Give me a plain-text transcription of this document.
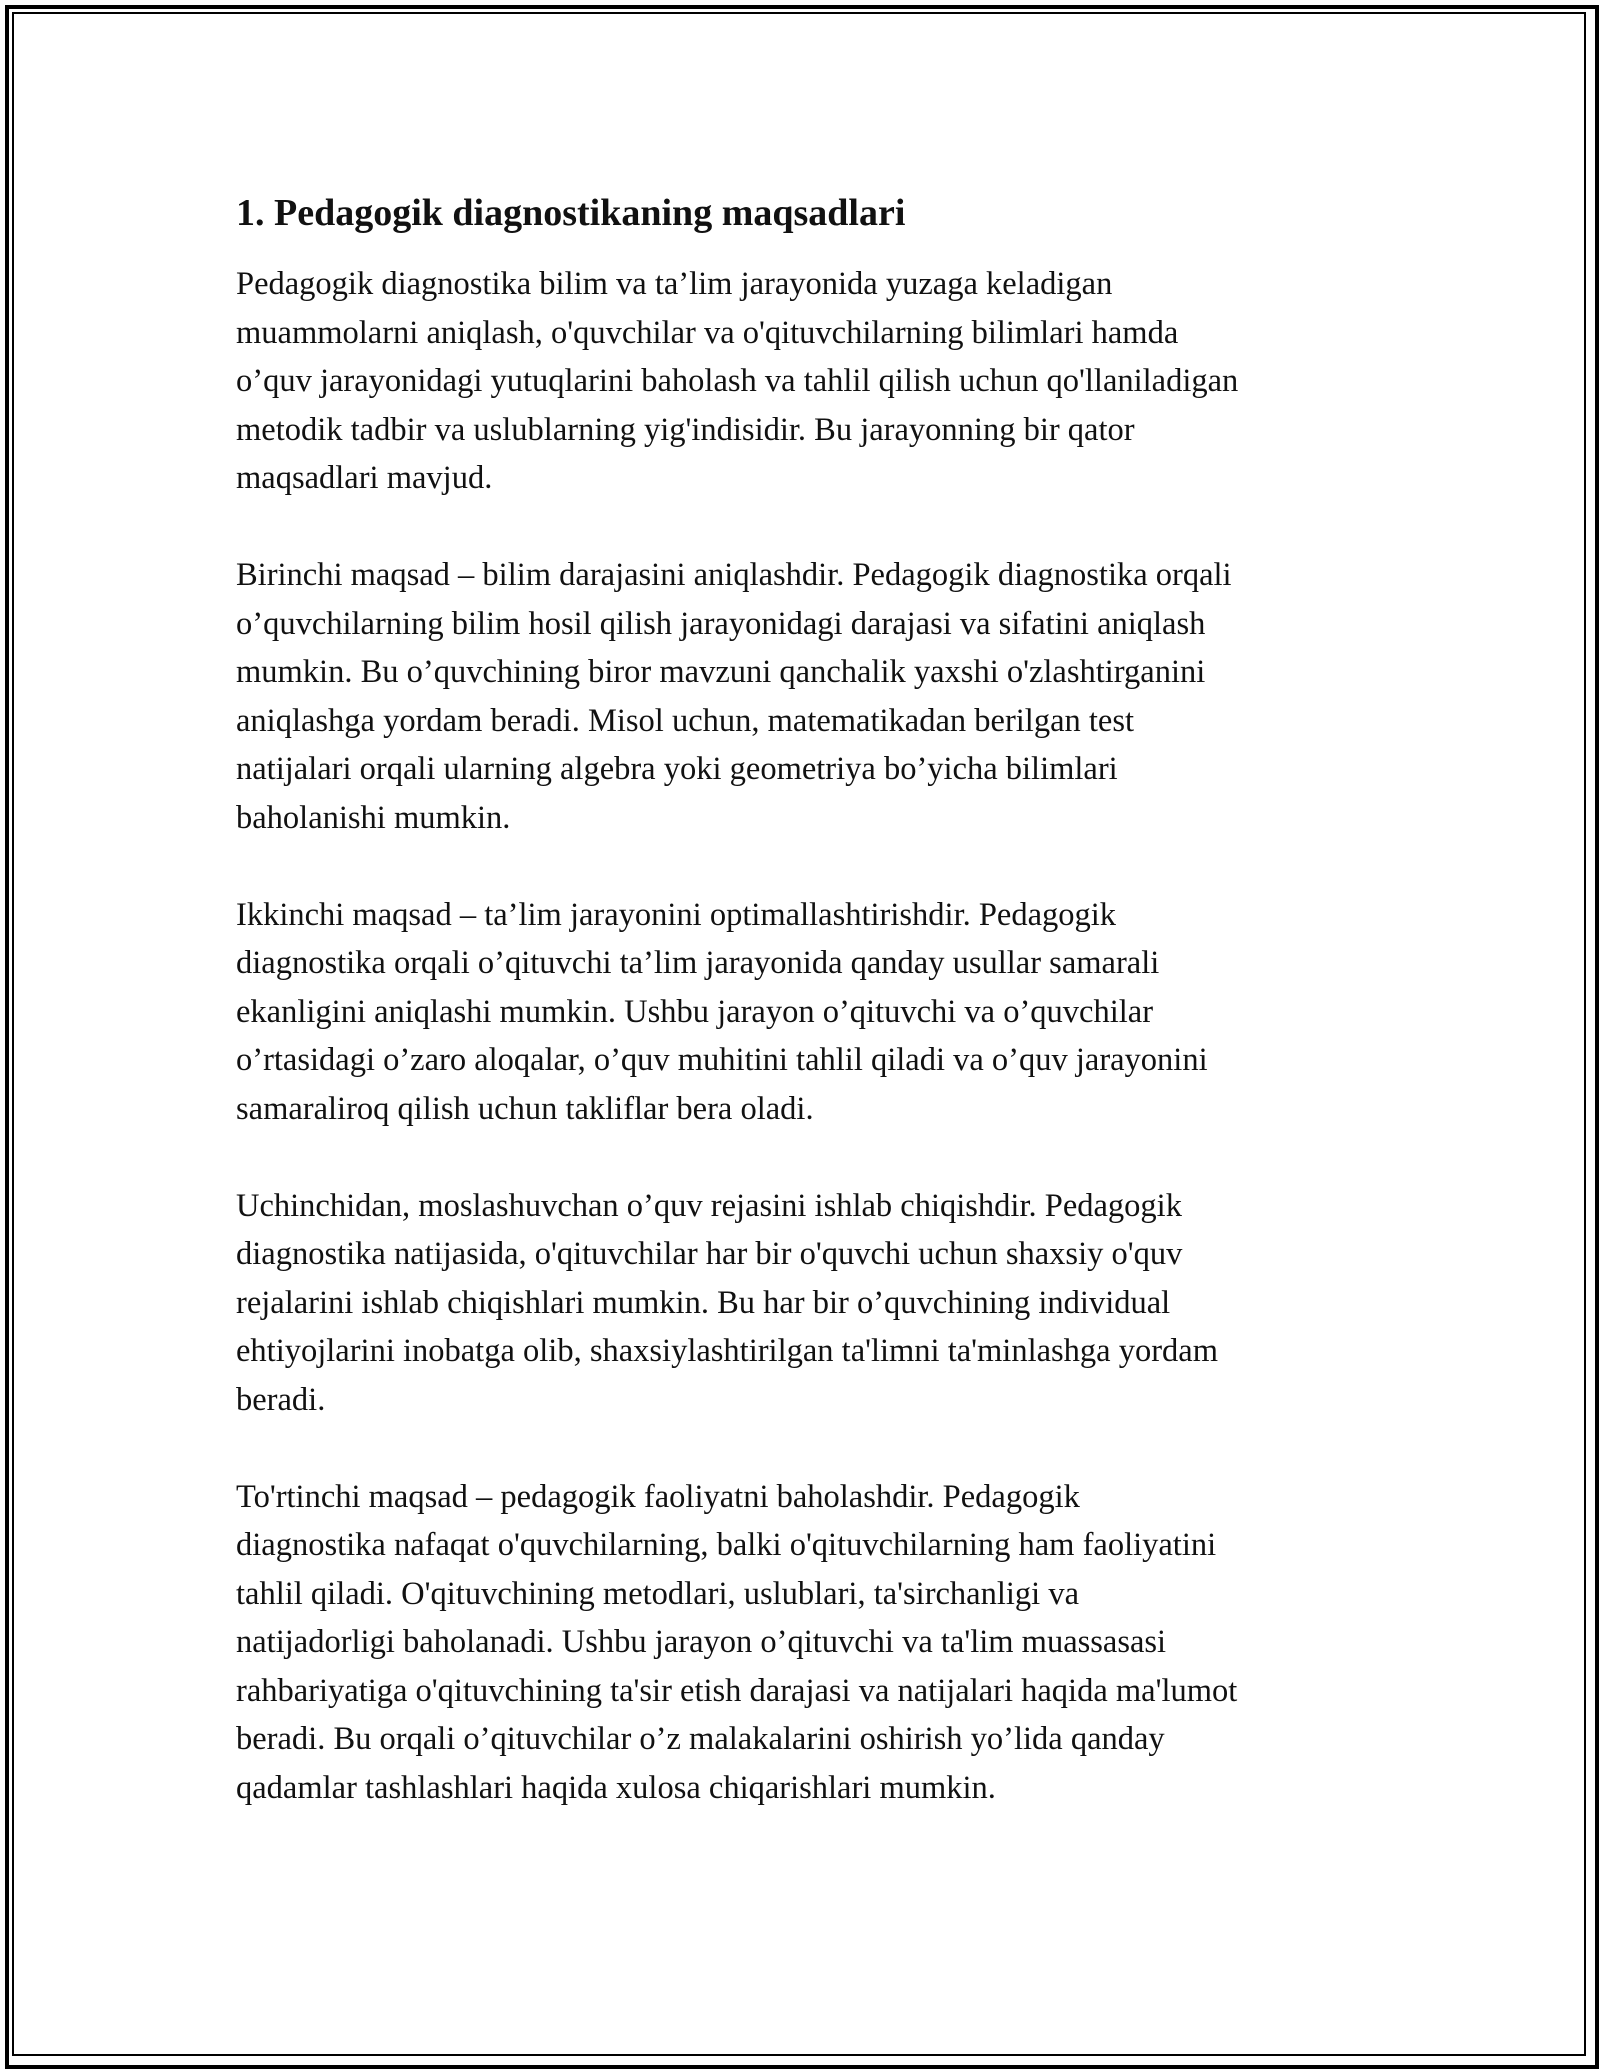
1. Pedagogik diagnostikaning maqsadlari

Pedagogik diagnostika bilim va ta’lim jarayonida yuzaga keladigan
muammolarni aniqlash, o'quvchilar va o'qituvchilarning bilimlari hamda
o’quv jarayonidagi yutuqlarini baholash va tahlil qilish uchun qo'llaniladigan
metodik tadbir va uslublarning yig'indisidir. Bu jarayonning bir qator
maqsadlari mavjud.

Birinchi maqsad – bilim darajasini aniqlashdir. Pedagogik diagnostika orqali
o’quvchilarning bilim hosil qilish jarayonidagi darajasi va sifatini aniqlash
mumkin. Bu o’quvchining biror mavzuni qanchalik yaxshi o'zlashtirganini
aniqlashga yordam beradi. Misol uchun, matematikadan berilgan test
natijalari orqali ularning algebra yoki geometriya bo’yicha bilimlari
baholanishi mumkin.

Ikkinchi maqsad – ta’lim jarayonini optimallashtirishdir. Pedagogik
diagnostika orqali o’qituvchi ta’lim jarayonida qanday usullar samarali
ekanligini aniqlashi mumkin. Ushbu jarayon o’qituvchi va o’quvchilar
o’rtasidagi o’zaro aloqalar, o’quv muhitini tahlil qiladi va o’quv jarayonini
samaraliroq qilish uchun takliflar bera oladi.

Uchinchidan, moslashuvchan o’quv rejasini ishlab chiqishdir. Pedagogik
diagnostika natijasida, o'qituvchilar har bir o'quvchi uchun shaxsiy o'quv
rejalarini ishlab chiqishlari mumkin. Bu har bir o’quvchining individual
ehtiyojlarini inobatga olib, shaxsiylashtirilgan ta'limni ta'minlashga yordam
beradi.

To'rtinchi maqsad – pedagogik faoliyatni baholashdir. Pedagogik
diagnostika nafaqat o'quvchilarning, balki o'qituvchilarning ham faoliyatini
tahlil qiladi. O'qituvchining metodlari, uslublari, ta'sirchanligi va
natijadorligi baholanadi. Ushbu jarayon o’qituvchi va ta'lim muassasasi
rahbariyatiga o'qituvchining ta'sir etish darajasi va natijalari haqida ma'lumot
beradi. Bu orqali o’qituvchilar o’z malakalarini oshirish yo’lida qanday
qadamlar tashlashlari haqida xulosa chiqarishlari mumkin.
